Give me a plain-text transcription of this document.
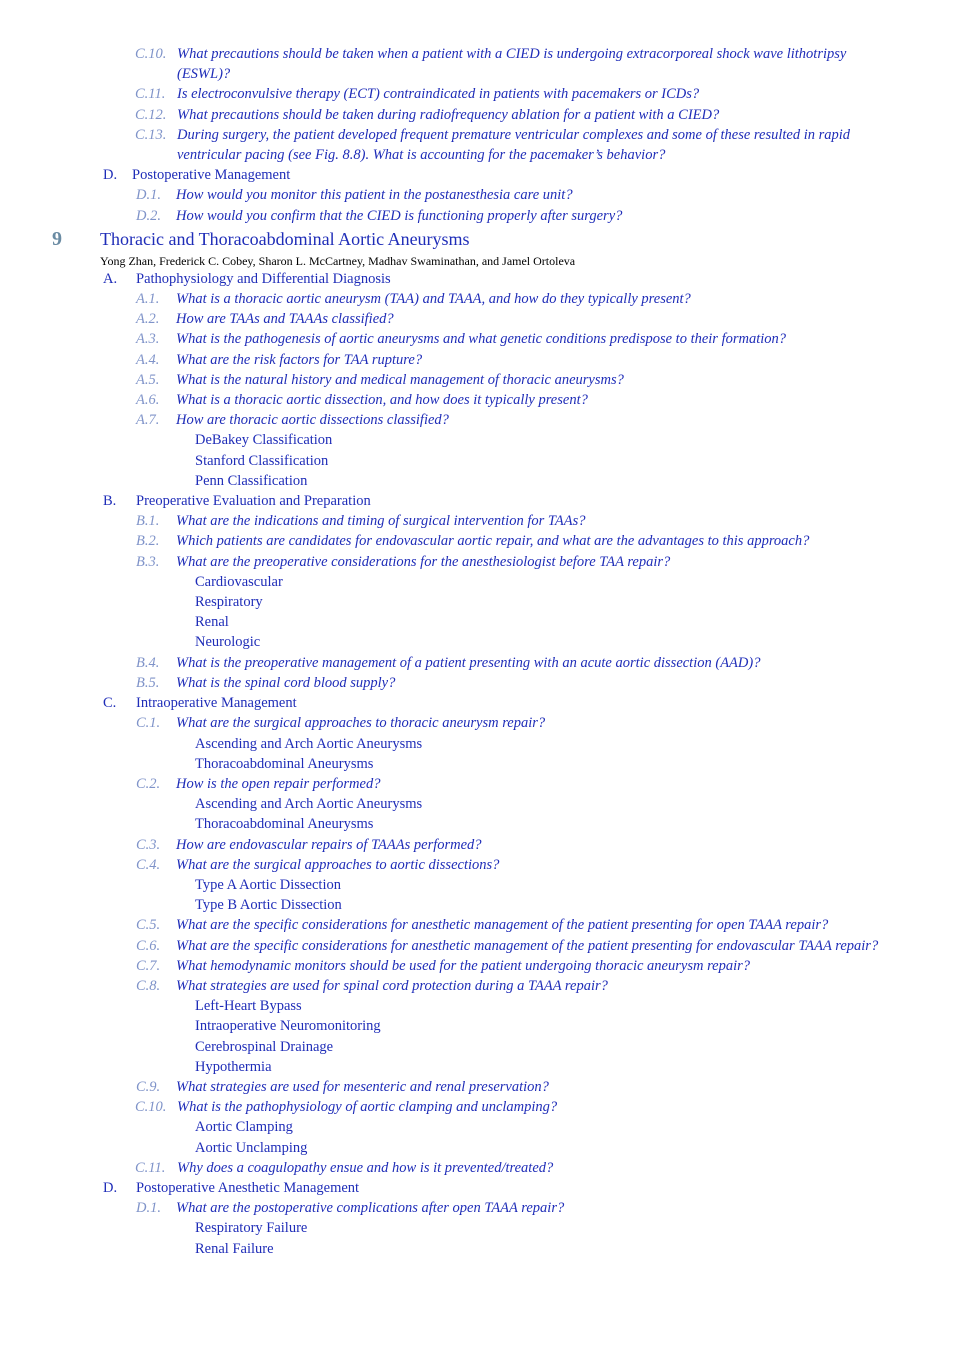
C.10. What precautions should be taken when a patient with a CIED is undergoing extracorporeal shock wave lithotripsy (ESWL)?
C.11. Is electroconvulsive therapy (ECT) contraindicated in patients with pacemakers or ICDs?
C.12. What precautions should be taken during radiofrequency ablation for a patient with a CIED?
C.13. During surgery, the patient developed frequent premature ventricular complexes and some of these resulted in rapid ventricular pacing (see Fig. 8.8). What is accounting for the pacemaker’s behavior?
D.	Postoperative Management
D.1.	How would you monitor this patient in the postanesthesia care unit?
D.2.	How would you confirm that the CIED is functioning properly after surgery?
9 Thoracic and Thoracoabdominal Aortic Aneurysms
Yong Zhan, Frederick C. Cobey, Sharon L. McCartney, Madhav Swaminathan, and Jamel Ortoleva
A.	Pathophysiology and Differential Diagnosis
A.1.	What is a thoracic aortic aneurysm (TAA) and TAAA, and how do they typically present?
A.2.	How are TAAs and TAAAs classified?
A.3.	What is the pathogenesis of aortic aneurysms and what genetic conditions predispose to their formation?
A.4.	What are the risk factors for TAA rupture?
A.5.	What is the natural history and medical management of thoracic aneurysms?
A.6.	What is a thoracic aortic dissection, and how does it typically present?
A.7.	How are thoracic aortic dissections classified?
DeBakey Classification
Stanford Classification
Penn Classification
B.	Preoperative Evaluation and Preparation
B.1.	What are the indications and timing of surgical intervention for TAAs?
B.2.	Which patients are candidates for endovascular aortic repair, and what are the advantages to this approach?
B.3.	What are the preoperative considerations for the anesthesiologist before TAA repair?
Cardiovascular
Respiratory
Renal
Neurologic
B.4.	What is the preoperative management of a patient presenting with an acute aortic dissection (AAD)?
B.5.	What is the spinal cord blood supply?
C.	Intraoperative Management
C.1.	What are the surgical approaches to thoracic aneurysm repair?
Ascending and Arch Aortic Aneurysms
Thoracoabdominal Aneurysms
C.2.	How is the open repair performed?
Ascending and Arch Aortic Aneurysms
Thoracoabdominal Aneurysms
C.3.	How are endovascular repairs of TAAAs performed?
C.4.	What are the surgical approaches to aortic dissections?
Type A Aortic Dissection
Type B Aortic Dissection
C.5.	What are the specific considerations for anesthetic management of the patient presenting for open TAAA repair?
C.6.	What are the specific considerations for anesthetic management of the patient presenting for endovascular TAAA repair?
C.7.	What hemodynamic monitors should be used for the patient undergoing thoracic aneurysm repair?
C.8.	What strategies are used for spinal cord protection during a TAAA repair?
Left-Heart Bypass
Intraoperative Neuromonitoring
Cerebrospinal Drainage
Hypothermia
C.9.	What strategies are used for mesenteric and renal preservation?
C.10. What is the pathophysiology of aortic clamping and unclamping?
Aortic Clamping
Aortic Unclamping
C.11. Why does a coagulopathy ensue and how is it prevented/treated?
D.	Postoperative Anesthetic Management
D.1.	What are the postoperative complications after open TAAA repair?
Respiratory Failure
Renal Failure
